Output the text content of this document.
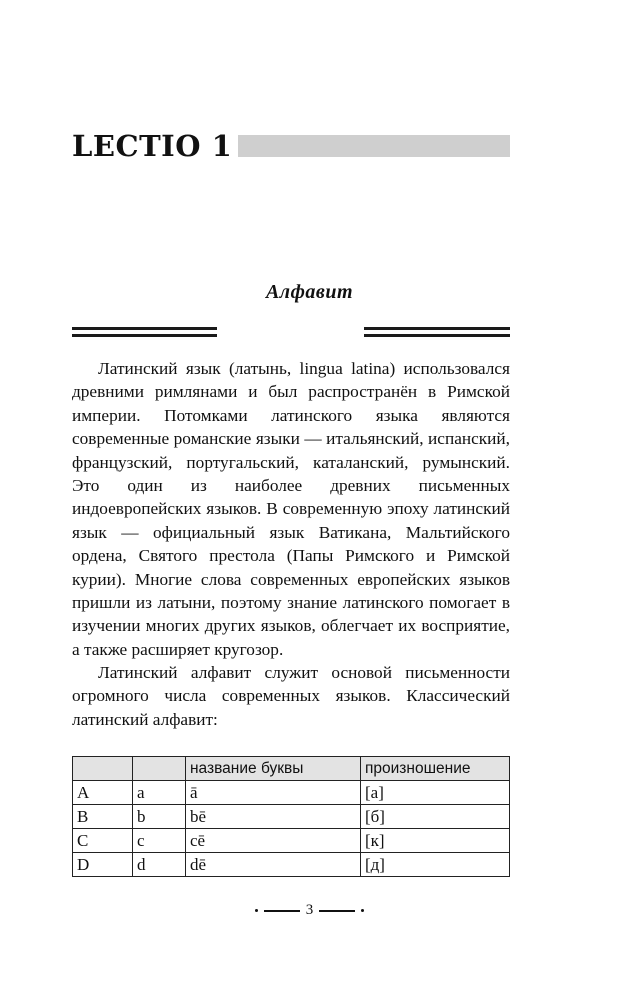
LECTIO 1
Алфавит

Латинский язык (латынь, lingua latina) использовался древними римлянами и был распространён в Римской империи. Потомками латинского языка являются современные романские языки — итальянский, испанский, французский, португальский, каталанский, румынский. Это один из наиболее древних письменных индоевропейских языков. В современную эпоху латинский язык — официальный язык Ватикана, Мальтийского ордена, Святого престола (Папы Римского и Римской курии). Многие слова современных европейских языков пришли из латыни, поэтому знание латинского помогает в изучении многих других языков, облегчает их восприятие, а также расширяет кругозор.

Латинский алфавит служит основой письменности огромного числа современных языков. Классический латинский алфавит:

		название буквы	произношение
A	a	ā	[а]
B	b	bē	[б]
C	c	cē	[к]
D	d	dē	[д]
3
